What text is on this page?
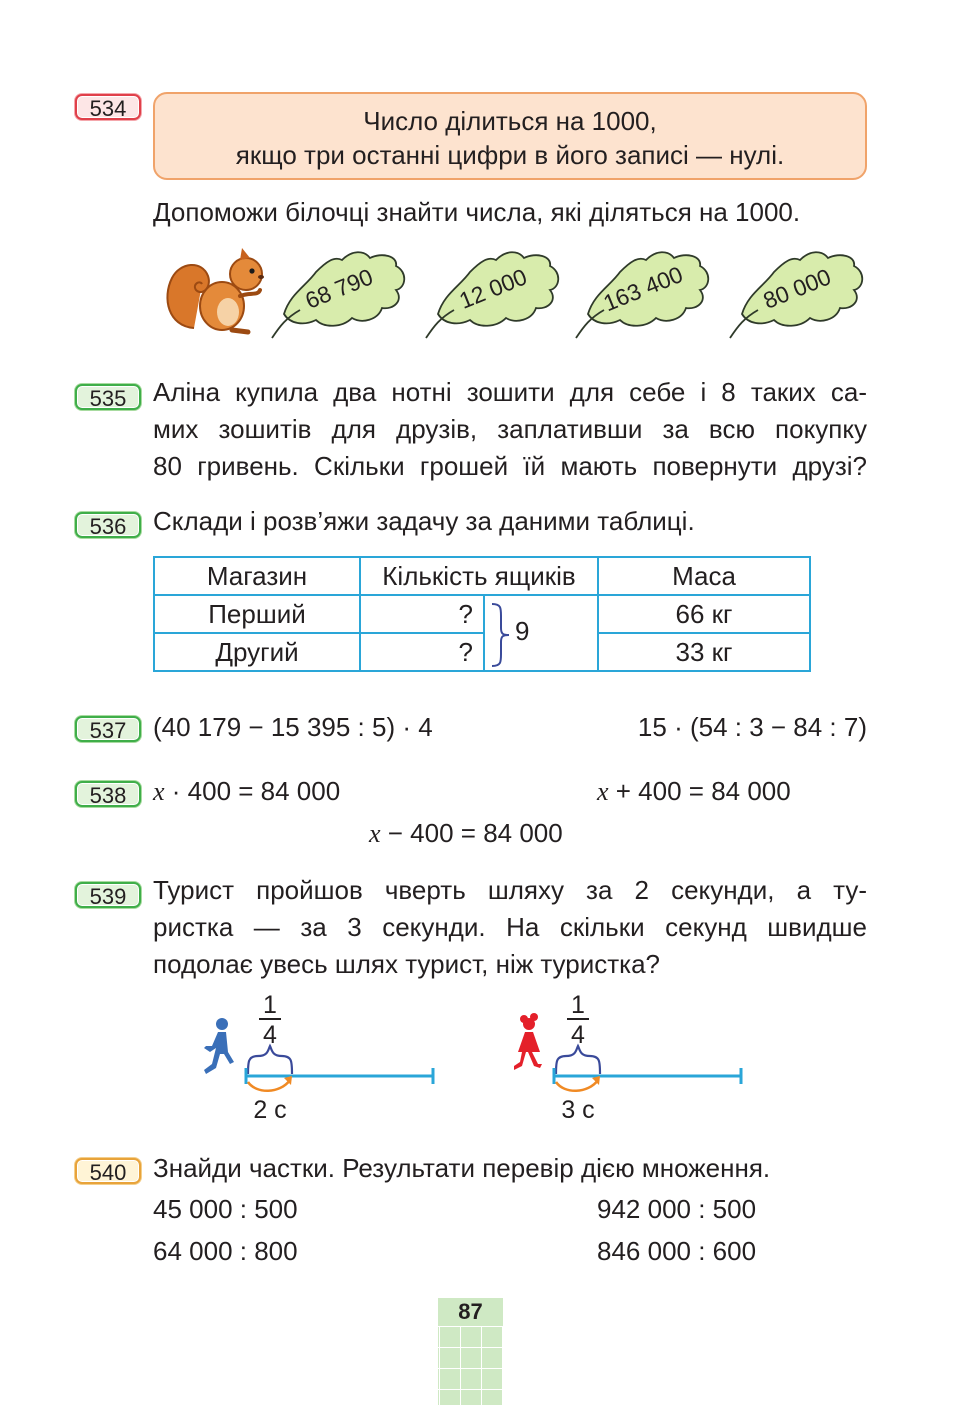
534	Число ділиться на 1000,
якщо три останні цифри в його записі — нулі.
Допоможи білочці знайти числа, які діляться на 1000.
68 790	12 000	163 400	80 000
535	Аліна купила два нотні зошити для себе і 8 таких са-
мих зошитів для друзів, заплативши за всю покупку
80 гривень. Скільки грошей їй мають повернути друзі?
536	Склади і розв’яжи задачу за даними таблиці.
Магазин	Кількість ящиків		Маса
Перший	?	9	66 кг
Другий	?		33 кг
537	(40 179 − 15 395 : 5) · 4	15 · (54 : 3 − 84 : 7)
538	x · 400 = 84 000	x + 400 = 84 000
x − 400 = 84 000
539	Турист пройшов чверть шляху за 2 секунди, а ту-
ристка — за 3 секунди. На скільки секунд швидше
подолає увесь шлях турист, ніж туристка?
1
4
2 с
1
4
3 с
540	Знайди частки. Результати перевір дією множення.
45 000 : 500	942 000 : 500
64 000 : 800	846 000 : 600
87
